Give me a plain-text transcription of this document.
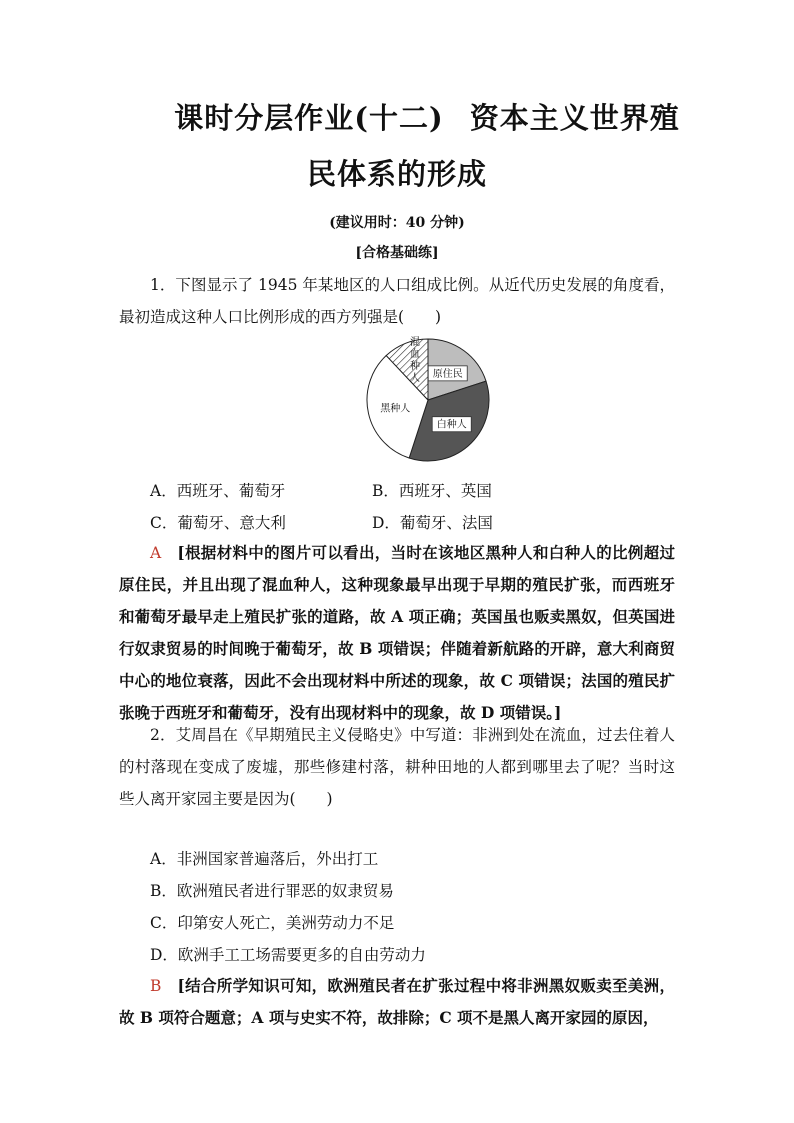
课时分层作业(十二) 资本主义世界殖
民体系的形成
(建议用时：40 分钟)
[合格基础练]
1．下图显示了 1945 年某地区的人口组成比例。从近代历史发展的角度看，最初造成这种人口比例形成的西方列强是(　　)
原住民
白种人
黑种人
混血种人
A．西班牙、葡萄牙	B．西班牙、英国
C．葡萄牙、意大利	D．葡萄牙、法国
A　 [根据材料中的图片可以看出，当时在该地区黑种人和白种人的比例超过原住民，并且出现了混血种人，这种现象最早出现于早期的殖民扩张，而西班牙和葡萄牙最早走上殖民扩张的道路，故 A 项正确；英国虽也贩卖黑奴，但英国进行奴隶贸易的时间晚于葡萄牙，故 B 项错误；伴随着新航路的开辟，意大利商贸中心的地位衰落，因此不会出现材料中所述的现象，故 C 项错误；法国的殖民扩张晚于西班牙和葡萄牙，没有出现材料中的现象，故 D 项错误。]
2．艾周昌在《早期殖民主义侵略史》中写道：非洲到处在流血，过去住着人的村落现在变成了废墟，那些修建村落，耕种田地的人都到哪里去了呢？当时这些人离开家园主要是因为(　　)
A．非洲国家普遍落后，外出打工
B．欧洲殖民者进行罪恶的奴隶贸易
C．印第安人死亡，美洲劳动力不足
D．欧洲手工工场需要更多的自由劳动力
B　 [结合所学知识可知，欧洲殖民者在扩张过程中将非洲黑奴贩卖至美洲，故 B 项符合题意；A 项与史实不符，故排除；C 项不是黑人离开家园的原因，
